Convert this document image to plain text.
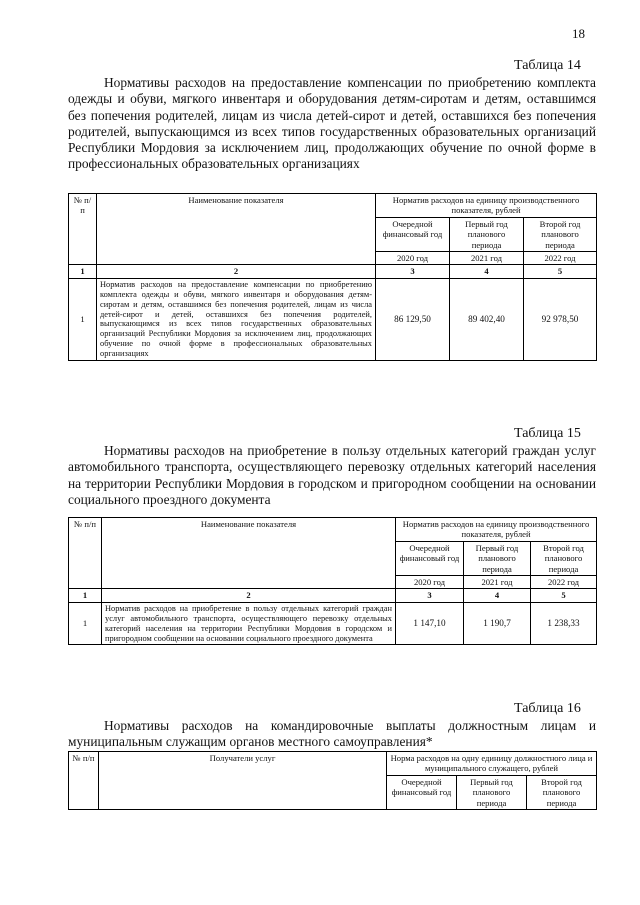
18
Таблица 14

Нормативы расходов на предоставление компенсации по приобретению комплекта одежды и обуви, мягкого инвентаря и оборудования детям-сиротам и детям, оставшимся без попечения родителей, лицам из числа детей-сирот и детей, оставшихся без попечения родителей, выпускающимся из всех типов государственных образовательных организаций Республики Мордовия за исключением лиц, продолжающих обучение по очной форме в профессиональных образовательных организациях

№ п/п	Наименование показателя	Норматив расходов на единицу производственного показателя, рублей		
		Очередной финансовый год	Первый год планового периода	Второй год планового периода
		2020 год	2021 год	2022 год
1	2	3	4	5
1	Норматив расходов на предоставление компенсации по приобретению комплекта одежды и обуви, мягкого инвентаря и оборудования детям-сиротам и детям, оставшимся без попечения родителей, лицам из числа детей-сирот и детей, оставшихся без попечения родителей, выпускающимся из всех типов государственных образовательных организаций Республики Мордовия за исключением лиц, продолжающих обучение по очной форме в профессиональных образовательных организациях	86 129,50	89 402,40	92 978,50
Таблица 15

Нормативы расходов на приобретение в пользу отдельных категорий граждан услуг автомобильного транспорта, осуществляющего перевозку отдельных категорий населения на территории Республики Мордовия в городском и пригородном сообщении на основании социального проездного документа

№ п/п	Наименование показателя	Норматив расходов на единицу производственного показателя, рублей		
		Очередной финансовый год	Первый год планового периода	Второй год планового периода
		2020 год	2021 год	2022 год
1	2	3	4	5
1	Норматив расходов на приобретение в пользу отдельных категорий граждан услуг автомобильного транспорта, осуществляющего перевозку отдельных категорий населения на территории Республики Мордовия в городском и пригородном сообщении на основании социального проездного документа	1 147,10	1 190,7	1 238,33
Таблица 16

Нормативы расходов на командировочные выплаты должностным лицам и муниципальным служащим органов местного самоуправления*

№ п/п	Получатели услуг	Норма расходов на одну единицу должностного лица и муниципального служащего, рублей		
		Очередной финансовый год	Первый год планового периода	Второй год планового периода
